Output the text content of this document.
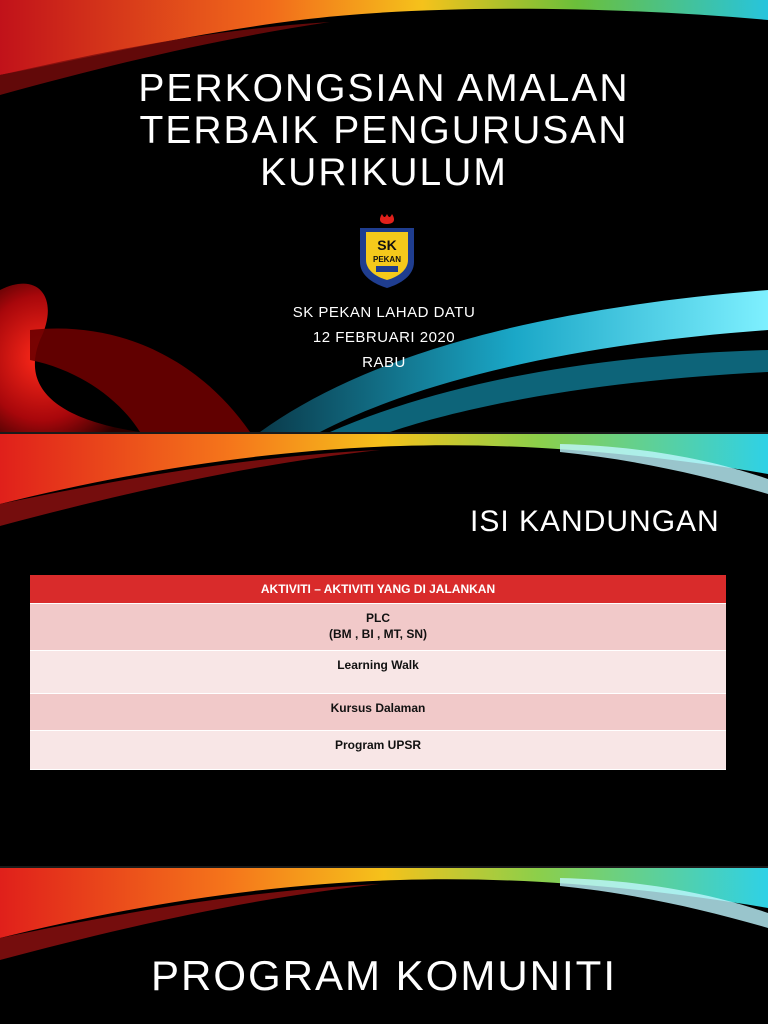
PERKONGSIAN AMALAN
TERBAIK PENGURUSAN
KURIKULUM
SK
PEKAN
SK PEKAN LAHAD DATU
12 FEBRUARI 2020
RABU
ISI KANDUNGAN
AKTIVITI – AKTIVITI YANG DI JALANKAN

PLC
(BM , BI , MT, SN)

Learning Walk

Kursus Dalaman

Program UPSR
PROGRAM KOMUNITI
